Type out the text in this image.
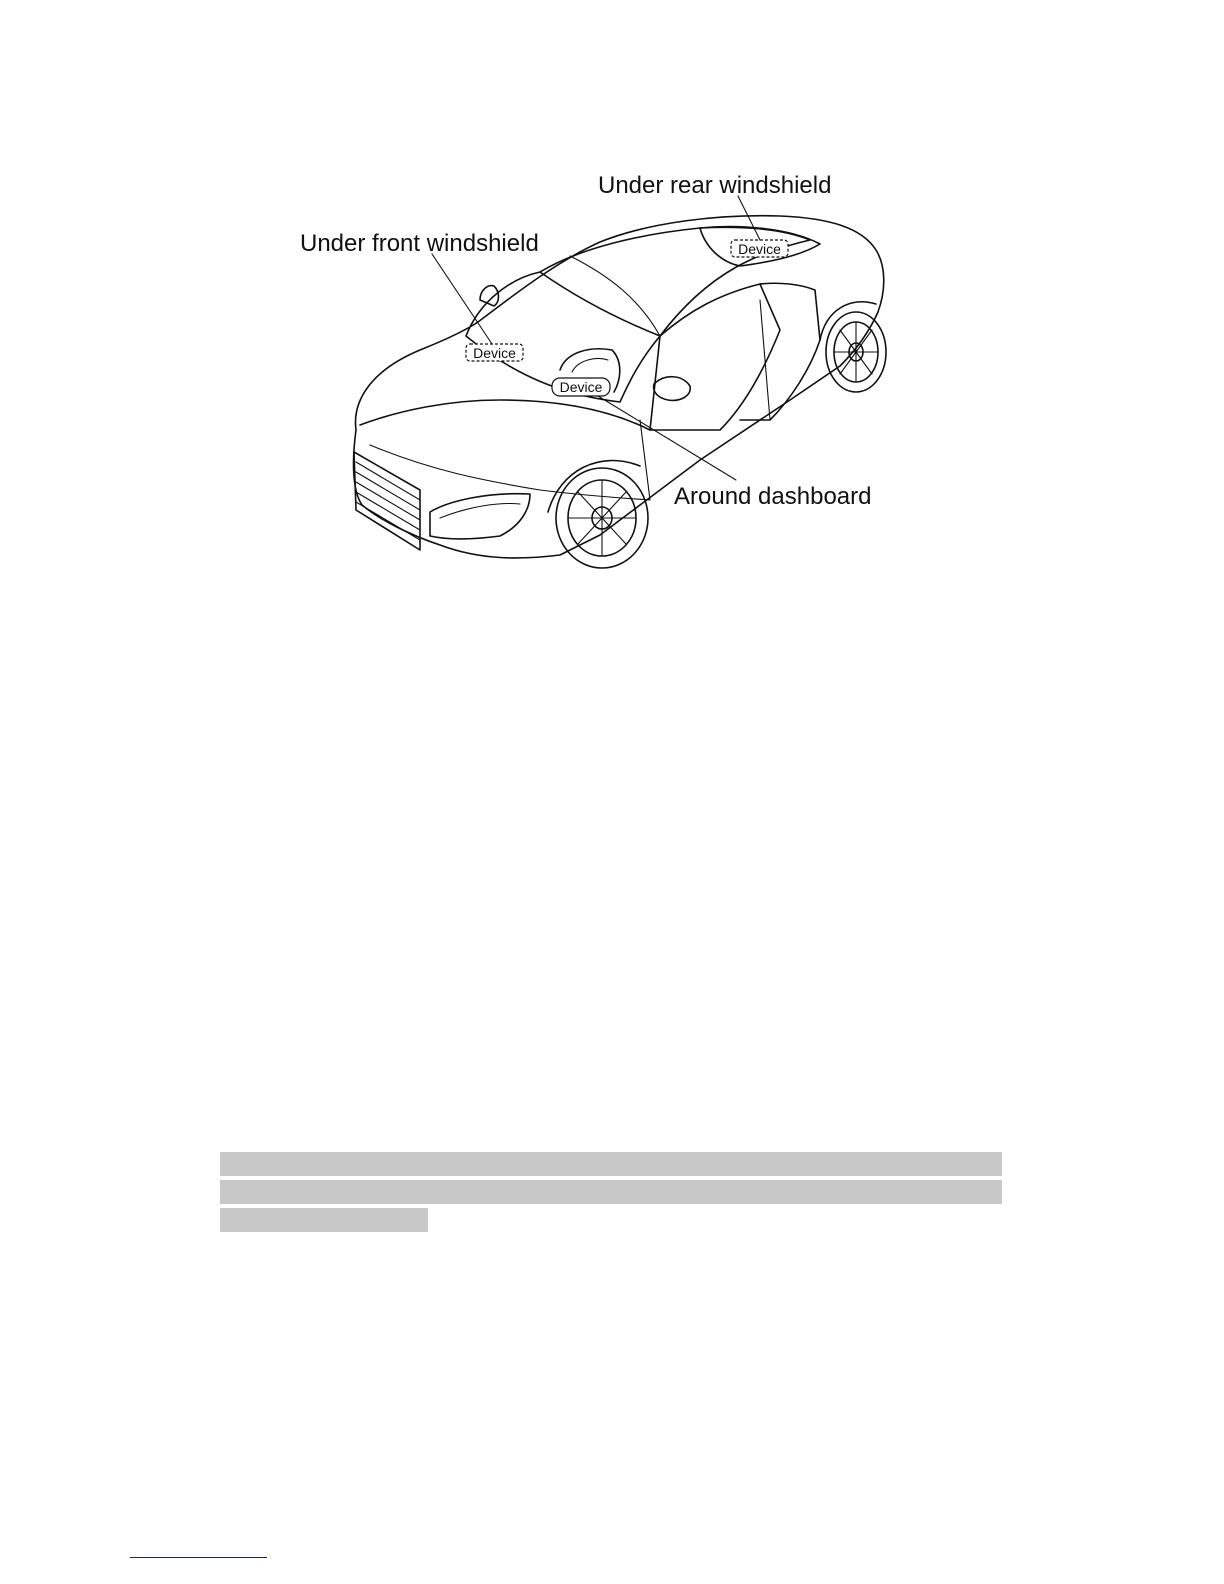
Device
Device
Device
Under rear windshield
Under front windshield
Around dashboard
